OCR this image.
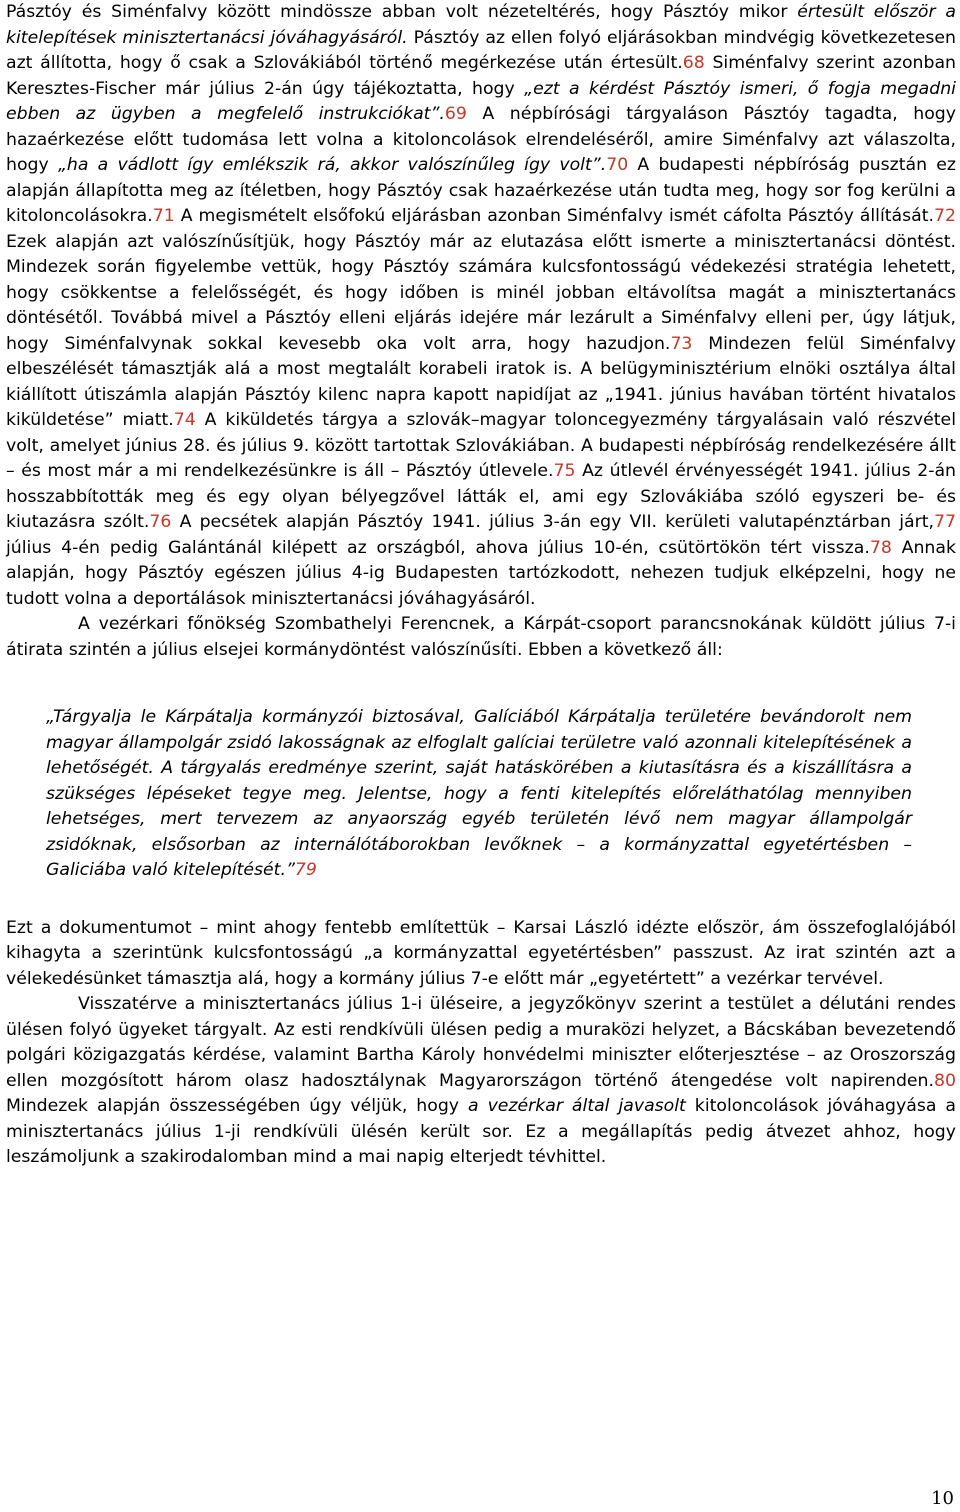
Pásztóy és Siménfalvy között mindössze abban volt nézeteltérés, hogy Pásztóy mikor értesült először a kitelepítések minisztertanácsi jóváhagyásáról. Pásztóy az ellen folyó eljárásokban mindvégig következetesen azt állította, hogy ő csak a Szlovákiából történő megérkezése után értesült.68 Siménfalvy szerint azonban Keresztes-Fischer már július 2-án úgy tájékoztatta, hogy „ezt a kérdést Pásztóy ismeri, ő fogja megadni ebben az ügyben a megfelelő instrukciókat”.69 A népbírósági tárgyaláson Pásztóy tagadta, hogy hazaérkezése előtt tudomása lett volna a kitoloncolások elrendeléséről, amire Siménfalvy azt válaszolta, hogy „ha a vádlott így emlékszik rá, akkor valószínűleg így volt”.70 A budapesti népbíróság pusztán ez alapján állapította meg az ítéletben, hogy Pásztóy csak hazaérkezése után tudta meg, hogy sor fog kerülni a kitoloncolásokra.71 A megismételt elsőfokú eljárásban azonban Siménfalvy ismét cáfolta Pásztóy állítását.72 Ezek alapján azt valószínűsítjük, hogy Pásztóy már az elutazása előtt ismerte a minisztertanácsi döntést. Mindezek során figyelembe vettük, hogy Pásztóy számára kulcsfontosságú védekezési stratégia lehetett, hogy csökkentse a felelősségét, és hogy időben is minél jobban eltávolítsa magát a minisztertanács döntésétől. Továbbá mivel a Pásztóy elleni eljárás idejére már lezárult a Siménfalvy elleni per, úgy látjuk, hogy Siménfalvynak sokkal kevesebb oka volt arra, hogy hazudjon.73 Mindezen felül Siménfalvy elbeszélését támasztják alá a most megtalált korabeli iratok is. A belügyminisztérium elnöki osztálya által kiállított útiszámla alapján Pásztóy kilenc napra kapott napidíjat az „1941. június havában történt hivatalos kiküldetése” miatt.74 A kiküldetés tárgya a szlovák–magyar toloncegyezmény tárgyalásain való részvétel volt, amelyet június 28. és július 9. között tartottak Szlovákiában. A budapesti népbíróság rendelkezésére állt – és most már a mi rendelkezésünkre is áll – Pásztóy útlevele.75 Az útlevél érvényességét 1941. július 2-án hosszabbították meg és egy olyan bélyegzővel látták el, ami egy Szlovákiába szóló egyszeri be- és kiutazásra szólt.76 A pecsétek alapján Pásztóy 1941. július 3-án egy VII. kerületi valutapénztárban járt,77 július 4-én pedig Galántánál kilépett az országból, ahova július 10-én, csütörtökön tért vissza.78 Annak alapján, hogy Pásztóy egészen július 4-ig Budapesten tartózkodott, nehezen tudjuk elképzelni, hogy ne tudott volna a deportálások minisztertanácsi jóváhagyásáról.

A vezérkari főnökség Szombathelyi Ferencnek, a Kárpát-csoport parancsnokának küldött július 7-i átirata szintén a július elsejei kormánydöntést valószínűsíti. Ebben a következő áll:

„Tárgyalja le Kárpátalja kormányzói biztosával, Galíciából Kárpátalja területére bevándorolt nem magyar állampolgár zsidó lakosságnak az elfoglalt galíciai területre való azonnali kitelepítésének a lehetőségét. A tárgyalás eredménye szerint, saját hatáskörében a kiutasításra és a kiszállításra a szükséges lépéseket tegye meg. Jelentse, hogy a fenti kitelepítés előreláthatólag mennyiben lehetséges, mert tervezem az anyaország egyéb területén lévő nem magyar állampolgár zsidóknak, elsősorban az internálótáborokban levőknek – a kormányzattal egyetértésben – Galiciába való kitelepítését.”79

Ezt a dokumentumot – mint ahogy fentebb említettük – Karsai László idézte először, ám összefoglalójából kihagyta a szerintünk kulcsfontosságú „a kormányzattal egyetértésben” passzust. Az irat szintén azt a vélekedésünket támasztja alá, hogy a kormány július 7-e előtt már „egyetértett” a vezérkar tervével.

Visszatérve a minisztertanács július 1-i üléseire, a jegyzőkönyv szerint a testület a délutáni rendes ülésen folyó ügyeket tárgyalt. Az esti rendkívüli ülésen pedig a muraközi helyzet, a Bácskában bevezetendő polgári közigazgatás kérdése, valamint Bartha Károly honvédelmi miniszter előterjesztése – az Oroszország ellen mozgósított három olasz hadosztálynak Magyarországon történő átengedése volt napirenden.80 Mindezek alapján összességében úgy véljük, hogy a vezérkar által javasolt kitoloncolások jóváhagyása a minisztertanács július 1-ji rendkívüli ülésén került sor. Ez a megállapítás pedig átvezet ahhoz, hogy leszámoljunk a szakirodalomban mind a mai napig elterjedt tévhittel.

10
